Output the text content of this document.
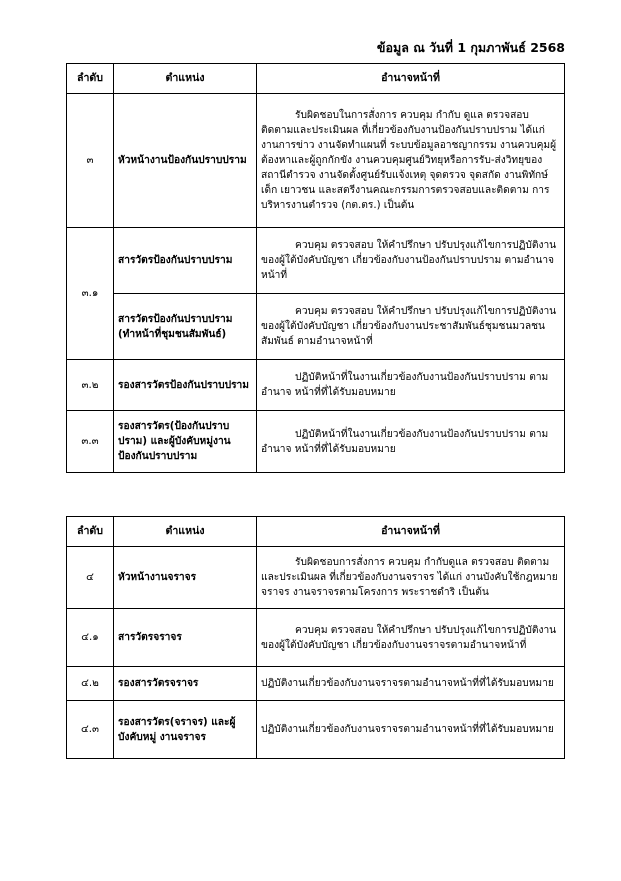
ข้อมูล ณ วันที่ 1 กุมภาพันธ์ 2568
ลำดับ	ตำแหน่ง	อำนาจหน้าที่
๓	หัวหน้างานป้องกันปราบปราม	รับผิดชอบในการสั่งการ ควบคุม กำกับ ดูแล ตรวจสอบ ติดตามและประเมินผล ที่เกี่ยวข้องกับงานป้องกันปราบปราม ได้แก่ งานการข่าว งานจัดทำแผนที่ ระบบข้อมูลอาชญากรรม งานควบคุมผู้ต้องหาและผู้ถูกกักขัง งานควบคุมศูนย์วิทยุหรือการรับ-ส่งวิทยุของสถานีตำรวจ งานจัดตั้งศูนย์รับแจ้งเหตุ จุดตรวจ จุดสกัด งานพิทักษ์เด็ก เยาวชน และสตรีงานคณะกรรมการตรวจสอบและติดตาม การบริหารงานตำรวจ (กต.ตร.) เป็นต้น
๓.๑	สารวัตรป้องกันปราบปราม	ควบคุม ตรวจสอบ ให้คำปรึกษา ปรับปรุงแก้ไขการปฏิบัติงาน ของผู้ใต้บังคับบัญชา เกี่ยวข้องกับงานป้องกันปราบปราม ตามอำนาจหน้าที่
	สารวัตรป้องกันปราบปราม (ทำหน้าที่ชุมชนสัมพันธ์)	ควบคุม ตรวจสอบ ให้คำปรึกษา ปรับปรุงแก้ไขการปฏิบัติงาน ของผู้ใต้บังคับบัญชา เกี่ยวข้องกับงานประชาสัมพันธ์ชุมชนมวลชนสัมพันธ์ ตามอำนาจหน้าที่
๓.๒	รองสารวัตรป้องกันปราบปราม	ปฏิบัติหน้าที่ในงานเกี่ยวข้องกับงานป้องกันปราบปราม ตามอำนาจ หน้าที่ที่ได้รับมอบหมาย
๓.๓	รองสารวัตร(ป้องกันปราบปราม) และผู้บังคับหมู่งานป้องกันปราบปราม	ปฏิบัติหน้าที่ในงานเกี่ยวข้องกับงานป้องกันปราบปราม ตามอำนาจ หน้าที่ที่ได้รับมอบหมาย
ลำดับ	ตำแหน่ง	อำนาจหน้าที่
๔	หัวหน้างานจราจร	รับผิดชอบการสั่งการ ควบคุม กำกับดูแล ตรวจสอบ ติดตามและประเมินผล ที่เกี่ยวข้องกับงานจราจร ได้แก่ งานบังคับใช้กฎหมายจราจร งานจราจรตามโครงการ พระราชดำริ เป็นต้น
๔.๑	สารวัตรจราจร	ควบคุม ตรวจสอบ ให้คำปรึกษา ปรับปรุงแก้ไขการปฏิบัติงาน ของผู้ใต้บังคับบัญชา เกี่ยวข้องกับงานจราจรตามอำนาจหน้าที่
๔.๒	รองสารวัตรจราจร	ปฏิบัติงานเกี่ยวข้องกับงานจราจรตามอำนาจหน้าที่ที่ได้รับมอบหมาย
๔.๓	รองสารวัตร(จราจร) และผู้บังคับหมู่ งานจราจร	ปฏิบัติงานเกี่ยวข้องกับงานจราจรตามอำนาจหน้าที่ที่ได้รับมอบหมาย
